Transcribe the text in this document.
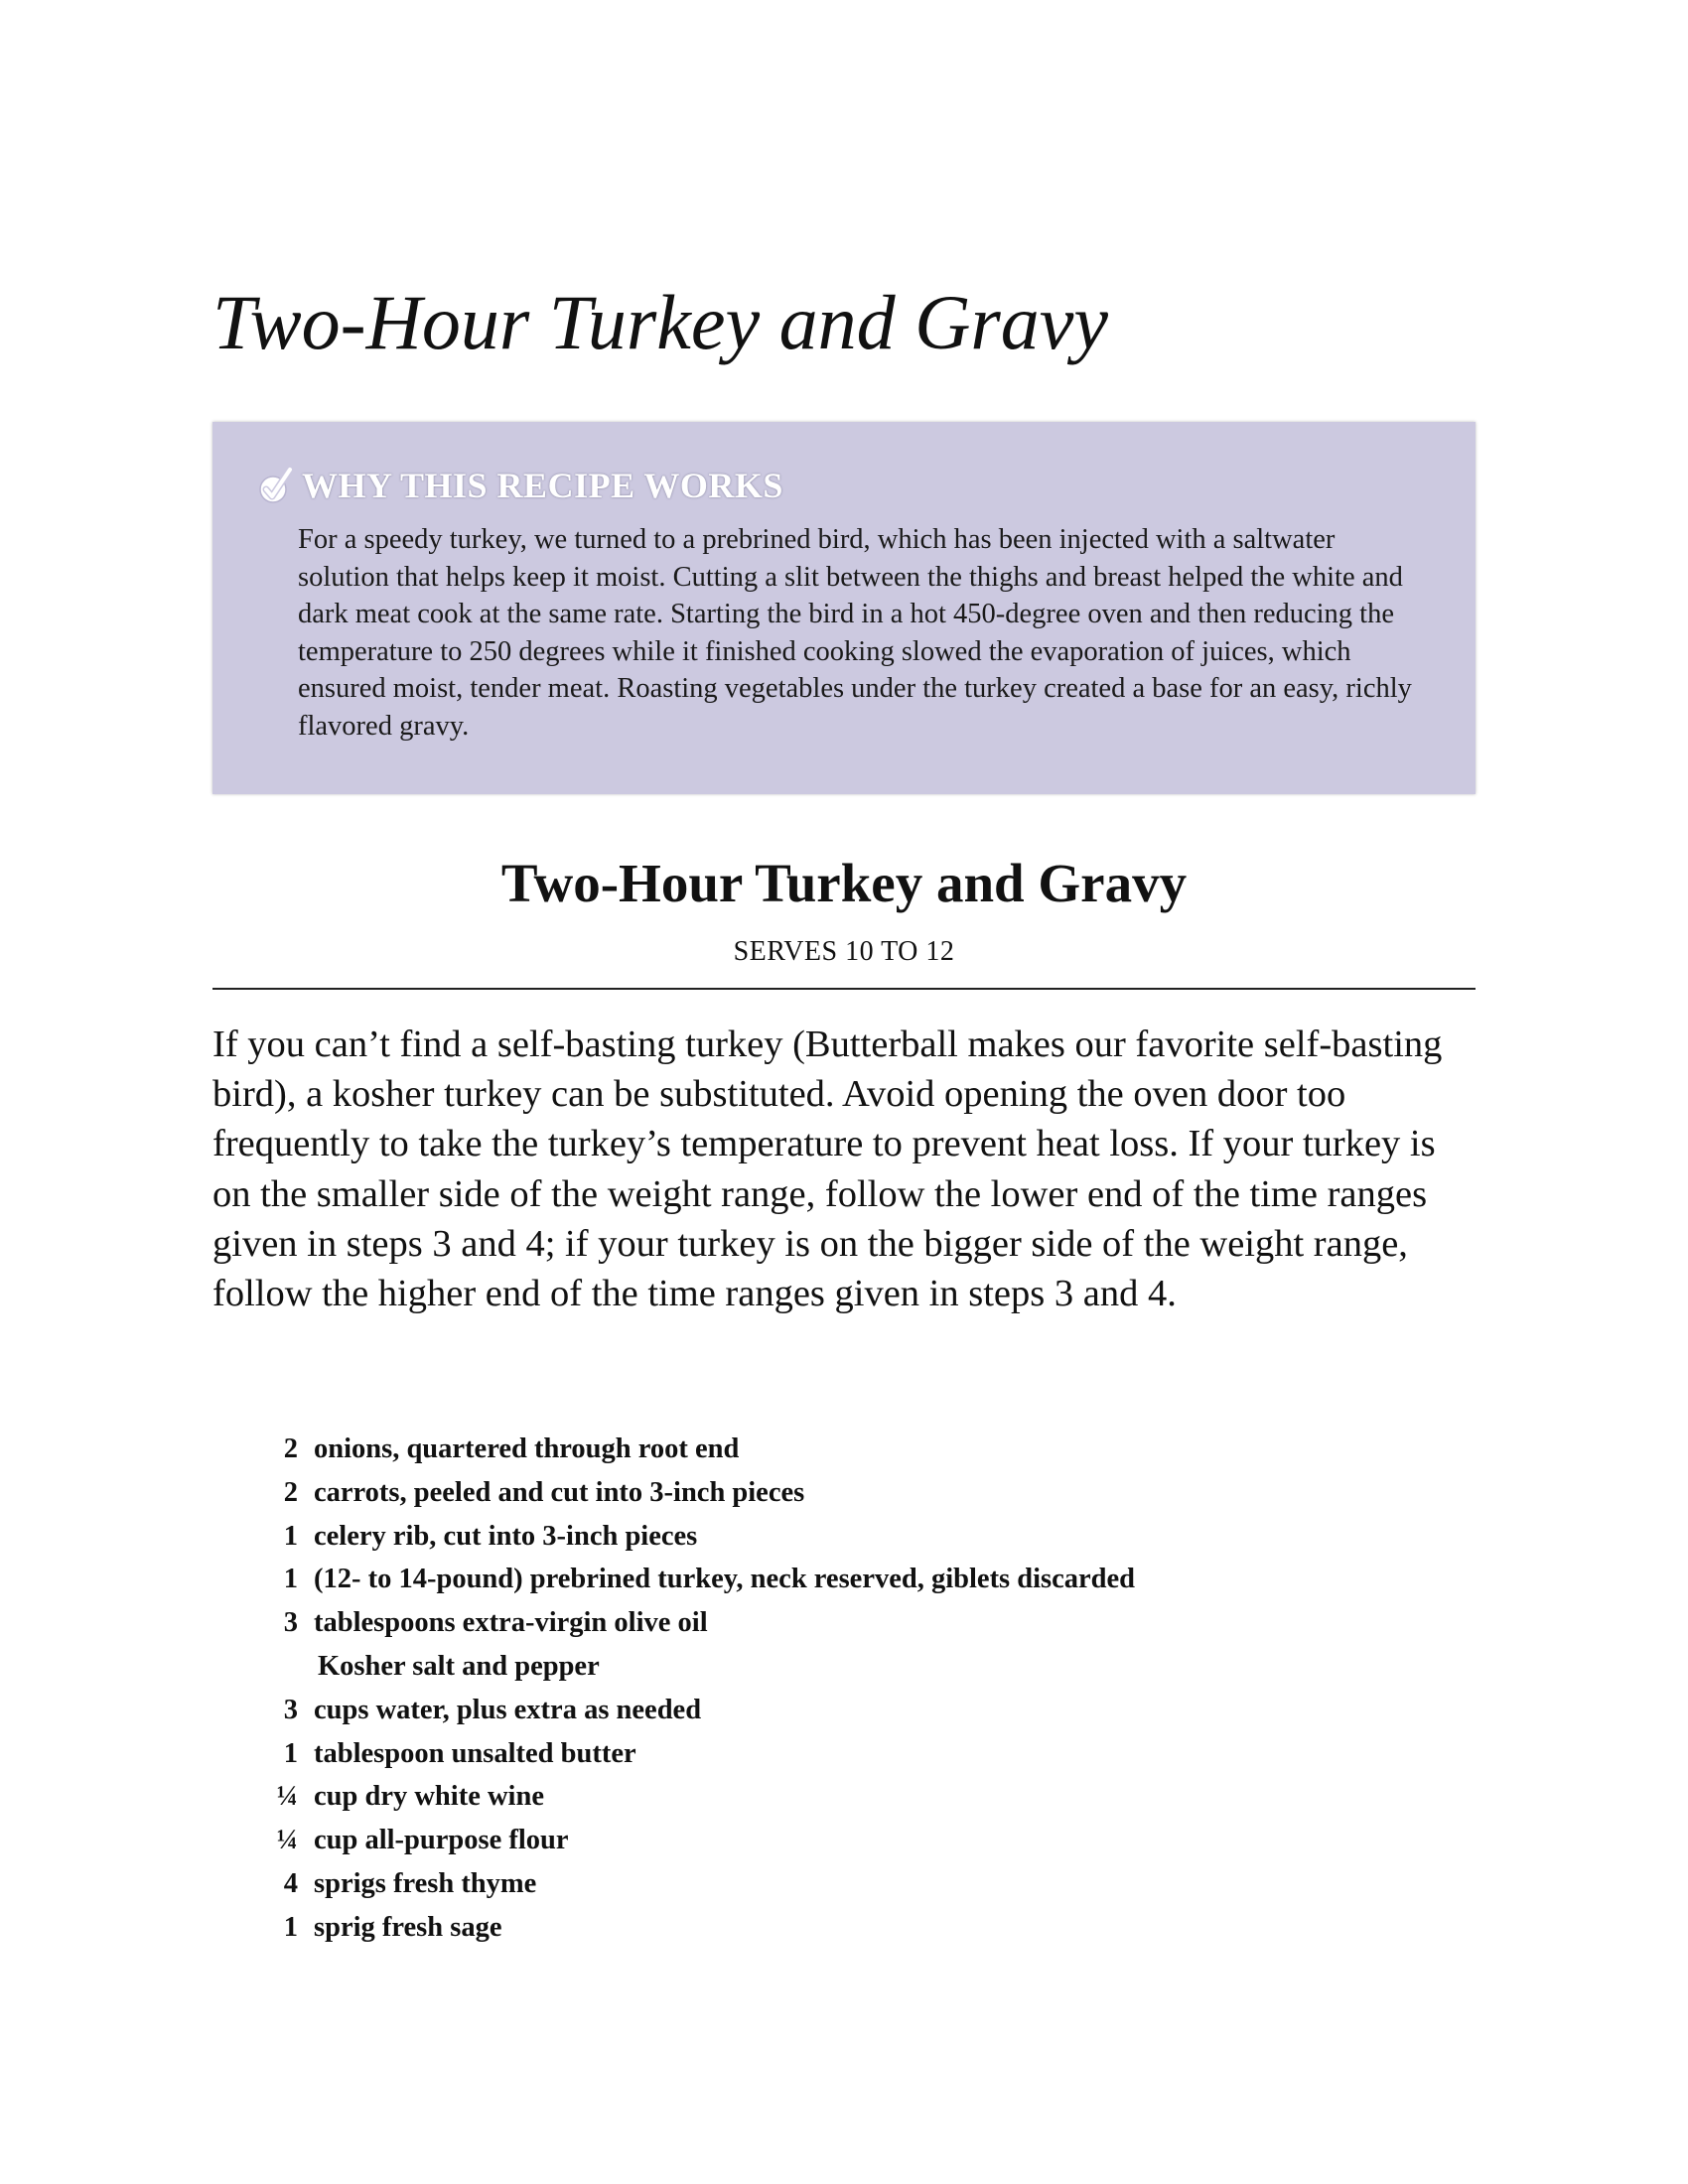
Two-Hour Turkey and Gravy
WHY THIS RECIPE WORKS

For a speedy turkey, we turned to a prebrined bird, which has been injected with a saltwater solution that helps keep it moist. Cutting a slit between the thighs and breast helped the white and dark meat cook at the same rate. Starting the bird in a hot 450-degree oven and then reducing the temperature to 250 degrees while it finished cooking slowed the evaporation of juices, which ensured moist, tender meat. Roasting vegetables under the turkey created a base for an easy, richly flavored gravy.

Two-Hour Turkey and Gravy
SERVES 10 TO 12

If you can’t find a self-basting turkey (Butterball makes our favorite self-basting bird), a kosher turkey can be substituted. Avoid opening the oven door too frequently to take the turkey’s temperature to prevent heat loss. If your turkey is on the smaller side of the weight range, follow the lower end of the time ranges given in steps 3 and 4; if your turkey is on the bigger side of the weight range, follow the higher end of the time ranges given in steps 3 and 4.

2 onions, quartered through root end
2 carrots, peeled and cut into 3-inch pieces
1 celery rib, cut into 3-inch pieces
1 (12- to 14-pound) prebrined turkey, neck reserved, giblets discarded
3 tablespoons extra-virgin olive oil
Kosher salt and pepper
3 cups water, plus extra as needed
1 tablespoon unsalted butter
¼ cup dry white wine
¼ cup all-purpose flour
4 sprigs fresh thyme
1 sprig fresh sage
